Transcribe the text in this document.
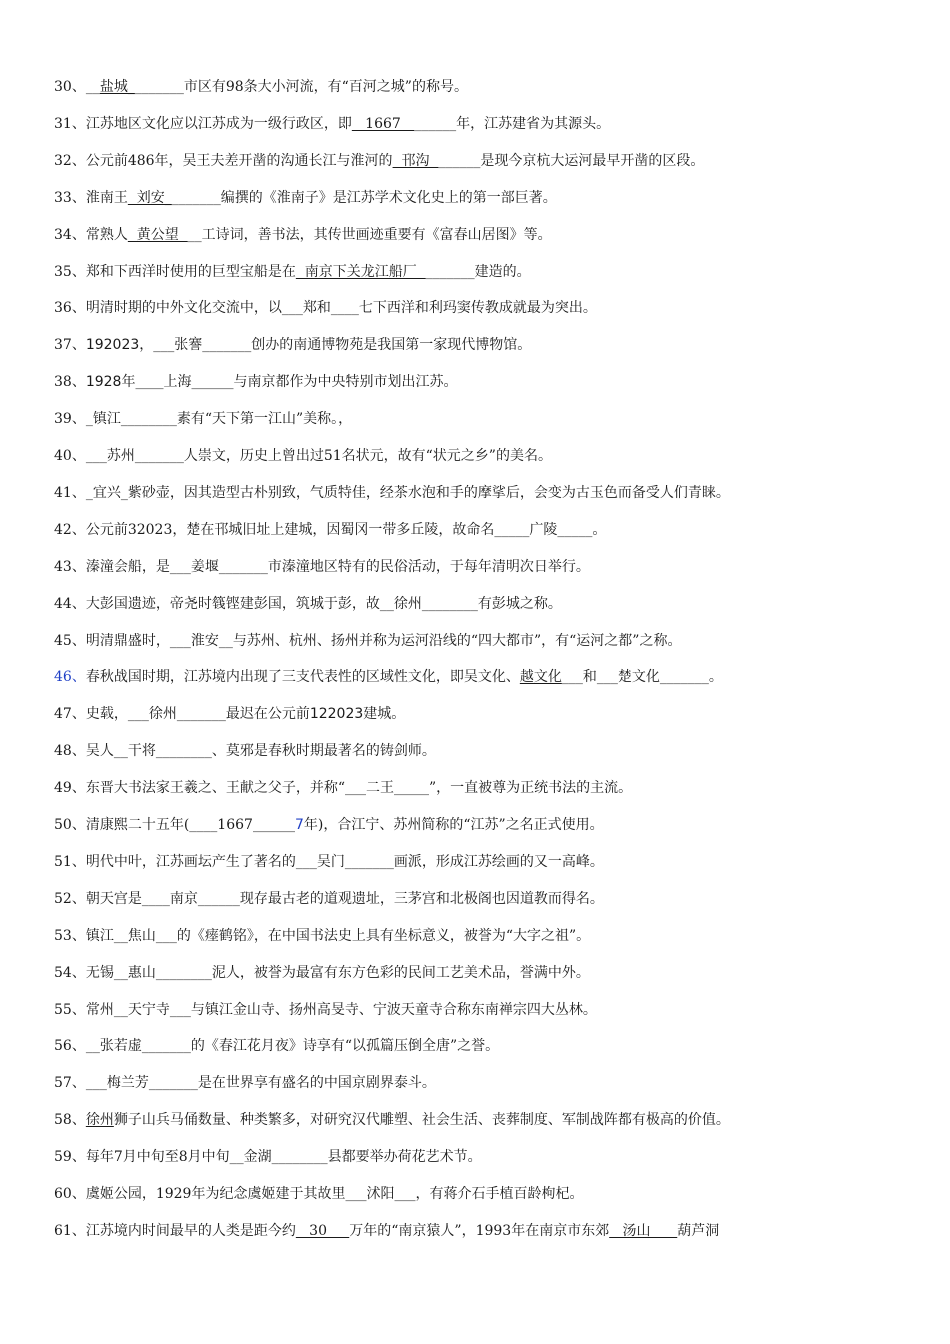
30、__盐城________市区有98条大小河流，有“百河之城”的称号。
31、江苏地区文化应以江苏成为一级行政区，即   1667   ______年，江苏建省为其源头。
32、公元前486年，吴王夫差开凿的沟通长江与淮河的  邗沟  ______是现今京杭大运河最早开凿的区段。
33、淮南王  刘安________编撰的《淮南子》是江苏学术文化史上的第一部巨著。
34、常熟人  黄公望  __工诗词，善书法，其传世画迹重要有《富春山居图》等。
35、郑和下西洋时使用的巨型宝船是在  南京下关龙江船厂  _______建造的。
36、明清时期的中外文化交流中，以___郑和____七下西洋和利玛窦传教成就最为突出。
37、192023，___张謇_______创办的南通博物苑是我国第一家现代博物馆。
38、1928年____上海______与南京都作为中央特别市划出江苏。
39、_镇江________素有“天下第一江山”美称。，
40、___苏州_______人崇文，历史上曾出过51名状元，故有“状元之乡”的美名。
41、_宜兴_紫砂壶，因其造型古朴别致，气质特佳，经茶水泡和手的摩挲后，会变为古玉色而备受人们青睐。
42、公元前32023，楚在邗城旧址上建城，因蜀冈一带多丘陵，故命名_____广陵_____。
43、溱潼会船，是___姜堰_______市溱潼地区特有的民俗活动，于每年清明次日举行。
44、大彭国遗迹，帝尧时篯铿建彭国，筑城于彭，故__徐州________有彭城之称。
45、明清鼎盛时，___淮安__与苏州、杭州、扬州并称为运河沿线的“四大都市”，有“运河之都”之称。
46、春秋战国时期，江苏境内出现了三支代表性的区域性文化，即吴文化、越文化___和___楚文化_______。
47、史载，___徐州_______最迟在公元前122023建城。
48、吴人__干将________、莫邪是春秋时期最著名的铸剑师。
49、东晋大书法家王羲之、王献之父子，并称“___二王_____”，一直被尊为正统书法的主流。
50、清康熙二十五年(____1667______7年)，合江宁、苏州简称的“江苏”之名正式使用。
51、明代中叶，江苏画坛产生了著名的___吴门_______画派，形成江苏绘画的又一高峰。
52、朝天宫是____南京______现存最古老的道观遗址，三茅宫和北极阁也因道教而得名。
53、镇江__焦山___的《瘗鹤铭》，在中国书法史上具有坐标意义，被誉为“大字之祖”。
54、无锡__惠山________泥人，被誉为最富有东方色彩的民间工艺美术品，誉满中外。
55、常州__天宁寺___与镇江金山寺、扬州高旻寺、宁波天童寺合称东南禅宗四大丛林。
56、__张若虚_______的《春江花月夜》诗享有“以孤篇压倒全唐”之誉。
57、___梅兰芳_______是在世界享有盛名的中国京剧界泰斗。
58、徐州狮子山兵马俑数量、种类繁多，对研究汉代雕塑、社会生活、丧葬制度、军制战阵都有极高的价值。
59、每年7月中旬至8月中旬__金湖________县都要举办荷花艺术节。
60、虞姬公园，1929年为纪念虞姬建于其故里___沭阳___，有蒋介石手植百龄枸杞。
61、江苏境内时间最早的人类是距今约   30     万年的“南京猿人”，1993年在南京市东郊   汤山      葫芦洞
